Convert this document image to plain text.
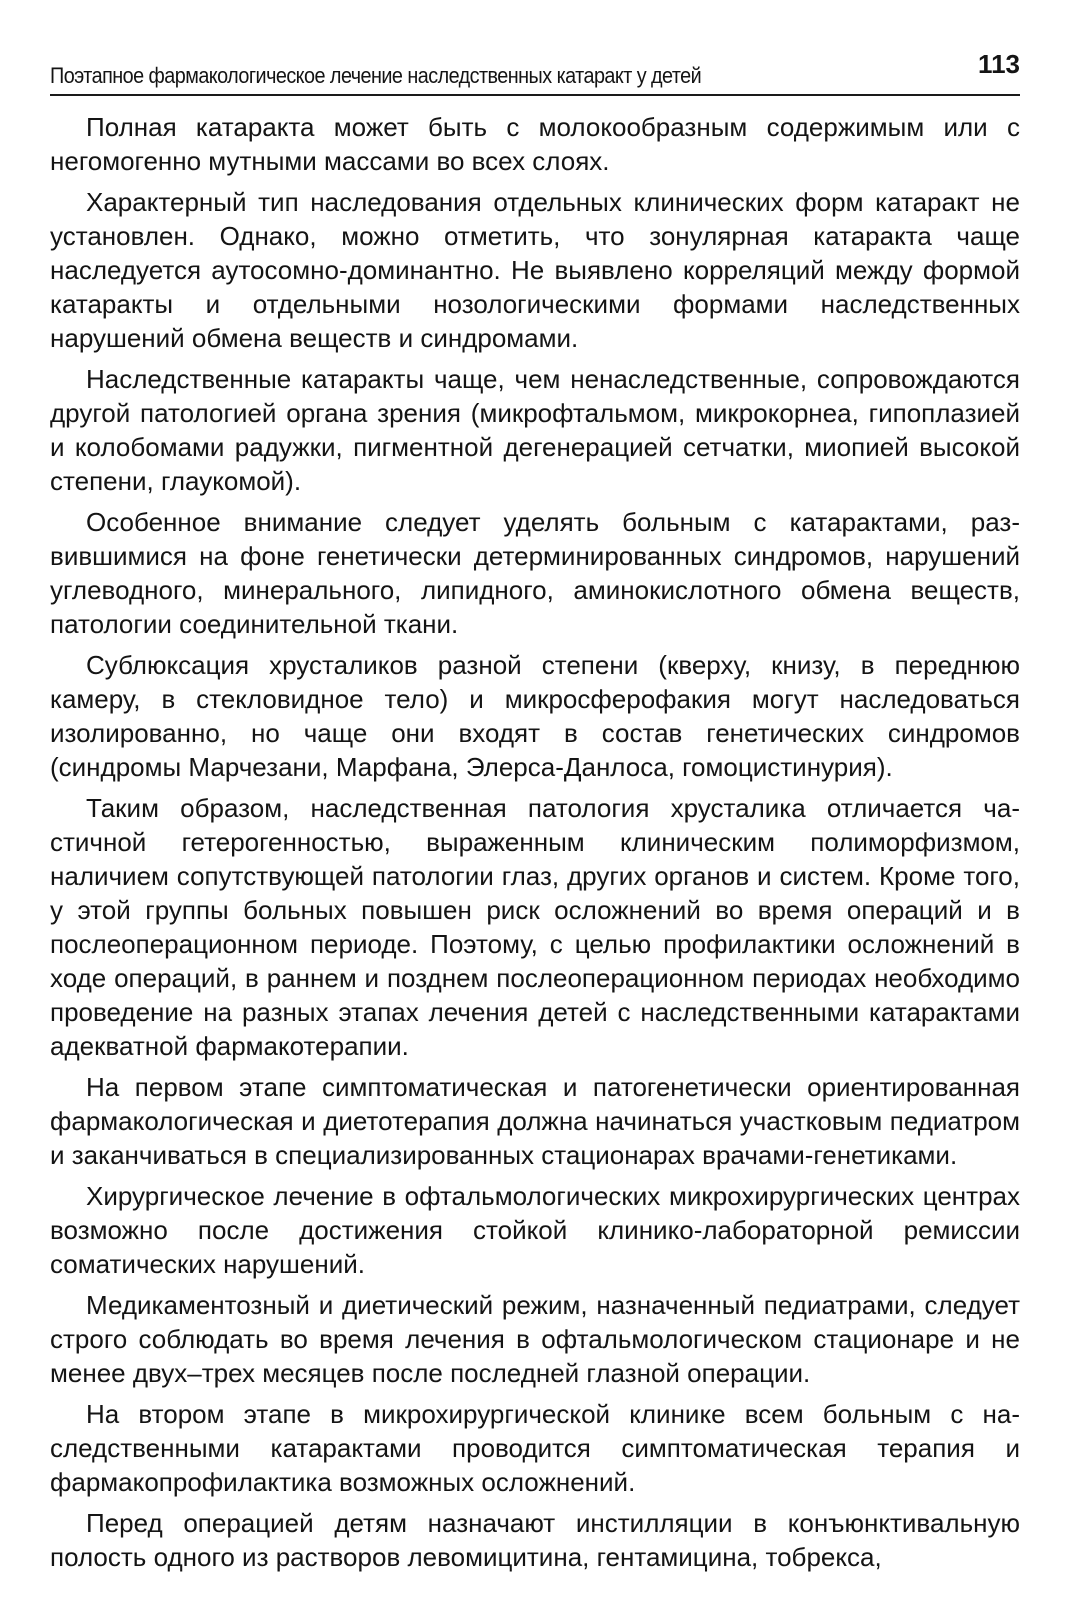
Поэтапное фармакологическое лечение наследственных катаракт у детей	113

Полная катаракта может быть с молокообразным содержимым или с негомогенно мутными массами во всех слоях.

Характерный тип наследования отдельных клинических форм катаракт не установлен. Однако, можно отметить, что зонулярная катаракта чаще наследуется аутосомно-доминантно. Не выявлено корреляций между формой катаракты и отдельными нозологическими формами наследственных нарушений обмена веществ и синдромами.

Наследственные катаракты чаще, чем ненаследственные, сопровождаются другой патологией органа зрения (микрофтальмом, микрокорнеа, гипоплазией и колобомами радужки, пигментной дегенерацией сетчатки, миопией высокой степени, глаукомой).

Особенное внимание следует уделять больным с катарактами, развившимися на фоне генетически детерминированных синдромов, нарушений углеводного, минерального, липидного, аминокислотного обмена веществ, патологии соединительной ткани.

Сублюксация хрусталиков разной степени (кверху, книзу, в переднюю камеру, в стекловидное тело) и микросферофакия могут наследоваться изолированно, но чаще они входят в состав генетических синдромов (синдромы Марчезани, Марфана, Элерса-Данлоса, гомоцистинурия).

Таким образом, наследственная патология хрусталика отличается частичной гетерогенностью, выраженным клиническим полиморфизмом, наличием сопутствующей патологии глаз, других органов и систем. Кроме того, у этой группы больных повышен риск осложнений во время операций и в послеоперационном периоде. Поэтому, с целью профилактики осложнений в ходе операций, в раннем и позднем послеоперационном периодах необходимо проведение на разных этапах лечения детей с наследственными катарактами адекватной фармакотерапии.

На первом этапе симптоматическая и патогенетически ориентированная фармакологическая и диетотерапия должна начинаться участковым педиатром и заканчиваться в специализированных стационарах врачами-генетиками.

Хирургическое лечение в офтальмологических микрохирургических центрах возможно после достижения стойкой клинико-лабораторной ремиссии соматических нарушений.

Медикаментозный и диетический режим, назначенный педиатрами, следует строго соблюдать во время лечения в офтальмологическом стационаре и не менее двух–трех месяцев после последней глазной операции.

На втором этапе в микрохирургической клинике всем больным с наследственными катарактами проводится симптоматическая терапия и фармакопрофилактика возможных осложнений.

Перед операцией детям назначают инстилляции в конъюнктивальную полость одного из растворов левомицитина, гентамицина, тобрекса,
